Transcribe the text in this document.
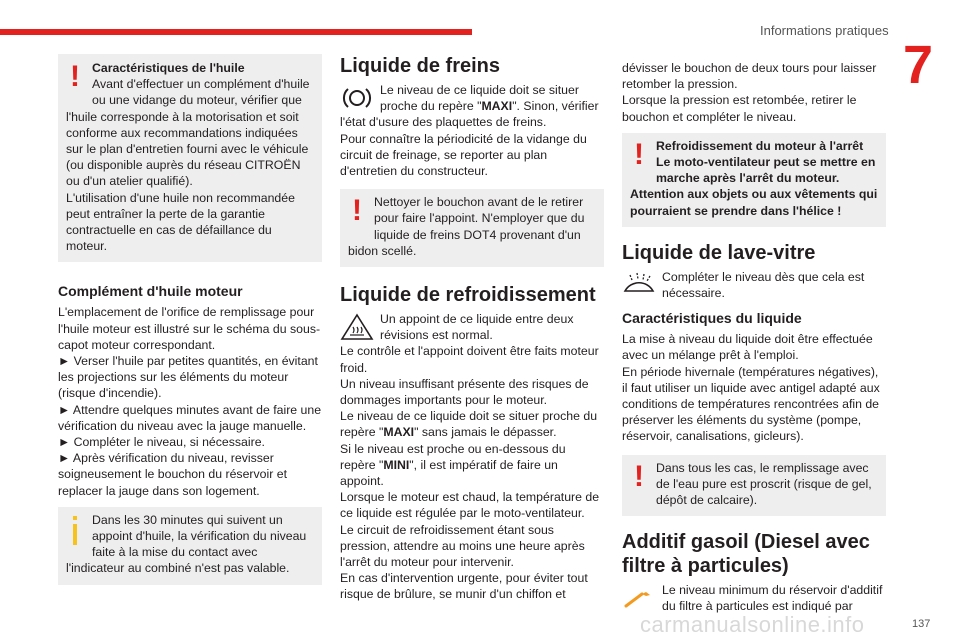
Informations pratiques
7
! Caractéristiques de l'huile

Avant d'effectuer un complément d'huile ou une vidange du moteur, vérifier que l'huile corresponde à la motorisation et soit conforme aux recommandations indiquées sur le plan d'entretien fourni avec le véhicule (ou disponible auprès du réseau CITROËN ou d'un atelier qualifié).

L'utilisation d'une huile non recommandée peut entraîner la perte de la garantie contractuelle en cas de défaillance du moteur.

Complément d'huile moteur

L'emplacement de l'orifice de remplissage pour l'huile moteur est illustré sur le schéma du sous-capot moteur correspondant.

► Verser l'huile par petites quantités, en évitant les projections sur les éléments du moteur (risque d'incendie).

► Attendre quelques minutes avant de faire une vérification du niveau avec la jauge manuelle.

► Compléter le niveau, si nécessaire.

► Après vérification du niveau, revisser soigneusement le bouchon du réservoir et replacer la jauge dans son logement.

Dans les 30 minutes qui suivent un appoint d'huile, la vérification du niveau faite à la mise du contact avec l'indicateur au combiné n'est pas valable.

Liquide de freins

Le niveau de ce liquide doit se situer proche du repère "MAXI". Sinon, vérifier l'état d'usure des plaquettes de freins.

Pour connaître la périodicité de la vidange du circuit de freinage, se reporter au plan d'entretien du constructeur.

! Nettoyer le bouchon avant de le retirer pour faire l'appoint. N'employer que du liquide de freins DOT4 provenant d'un bidon scellé.

Liquide de refroidissement

Un appoint de ce liquide entre deux révisions est normal.

Le contrôle et l'appoint doivent être faits moteur froid.

Un niveau insuffisant présente des risques de dommages importants pour le moteur.

Le niveau de ce liquide doit se situer proche du repère "MAXI" sans jamais le dépasser.

Si le niveau est proche ou en-dessous du repère "MINI", il est impératif de faire un appoint.

Lorsque le moteur est chaud, la température de ce liquide est régulée par le moto-ventilateur.

Le circuit de refroidissement étant sous pression, attendre au moins une heure après l'arrêt du moteur pour intervenir.

En cas d'intervention urgente, pour éviter tout risque de brûlure, se munir d'un chiffon et

dévisser le bouchon de deux tours pour laisser retomber la pression.

Lorsque la pression est retombée, retirer le bouchon et compléter le niveau.

! Refroidissement du moteur à l'arrêt

Le moto-ventilateur peut se mettre en marche après l'arrêt du moteur.

Attention aux objets ou aux vêtements qui pourraient se prendre dans l'hélice !

Liquide de lave-vitre

Compléter le niveau dès que cela est nécessaire.

Caractéristiques du liquide

La mise à niveau du liquide doit être effectuée avec un mélange prêt à l'emploi.

En période hivernale (températures négatives), il faut utiliser un liquide avec antigel adapté aux conditions de températures rencontrées afin de préserver les éléments du système (pompe, réservoir, canalisations, gicleurs).

! Dans tous les cas, le remplissage avec de l'eau pure est proscrit (risque de gel, dépôt de calcaire).

Additif gasoil (Diesel avec filtre à particules)

Le niveau minimum du réservoir d'additif du filtre à particules est indiqué par

carmanualsonline.info	137
